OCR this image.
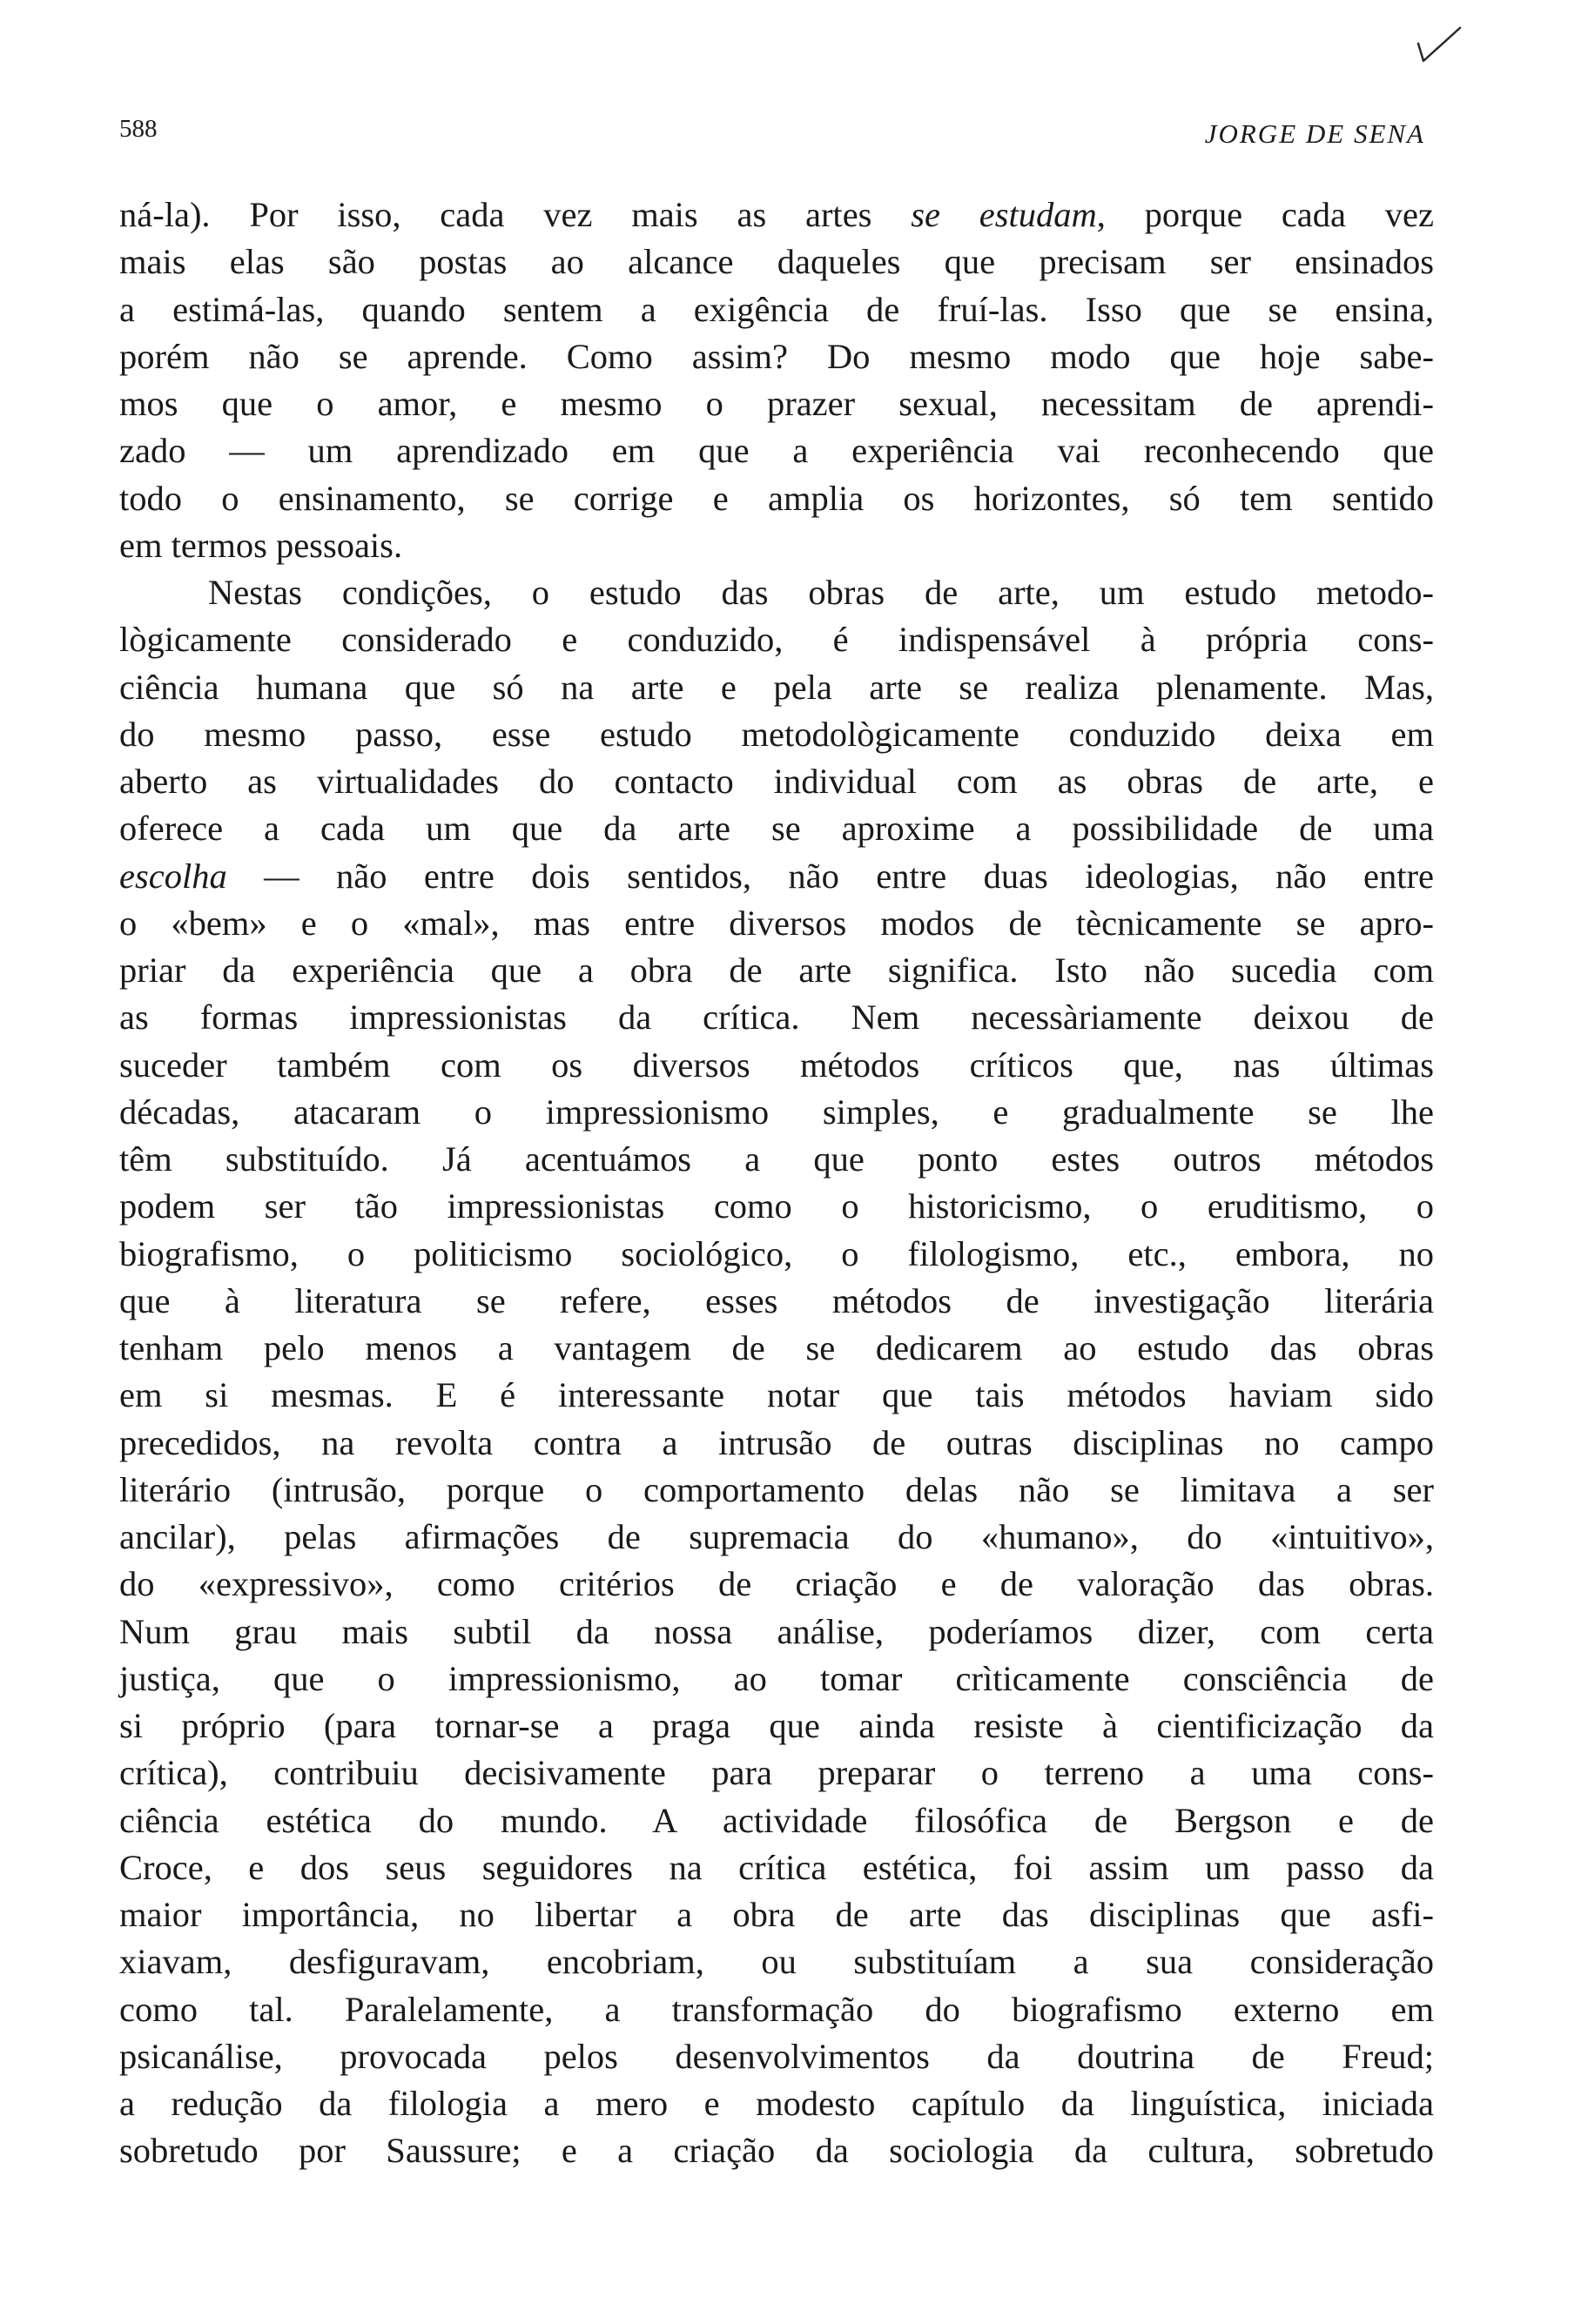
588	JORGE DE SENA
ná-la). Por isso, cada vez mais as artes se estudam, porque cada vez
mais elas são postas ao alcance daqueles que precisam ser ensinados
a estimá-las, quando sentem a exigência de fruí-las. Isso que se ensina,
porém não se aprende. Como assim? Do mesmo modo que hoje sabe-
mos que o amor, e mesmo o prazer sexual, necessitam de aprendi-
zado — um aprendizado em que a experiência vai reconhecendo que
todo o ensinamento, se corrige e amplia os horizontes, só tem sentido
em termos pessoais.
Nestas condições, o estudo das obras de arte, um estudo metodo-
lògicamente considerado e conduzido, é indispensável à própria cons-
ciência humana que só na arte e pela arte se realiza plenamente. Mas,
do mesmo passo, esse estudo metodològicamente conduzido deixa em
aberto as virtualidades do contacto individual com as obras de arte, e
oferece a cada um que da arte se aproxime a possibilidade de uma
escolha — não entre dois sentidos, não entre duas ideologias, não entre
o «bem» e o «mal», mas entre diversos modos de tècnicamente se apro-
priar da experiência que a obra de arte significa. Isto não sucedia com
as formas impressionistas da crítica. Nem necessàriamente deixou de
suceder também com os diversos métodos críticos que, nas últimas
décadas, atacaram o impressionismo simples, e gradualmente se lhe
têm substituído. Já acentuámos a que ponto estes outros métodos
podem ser tão impressionistas como o historicismo, o eruditismo, o
biografismo, o politicismo sociológico, o filologismo, etc., embora, no
que à literatura se refere, esses métodos de investigação literária
tenham pelo menos a vantagem de se dedicarem ao estudo das obras
em si mesmas. E é interessante notar que tais métodos haviam sido
precedidos, na revolta contra a intrusão de outras disciplinas no campo
literário (intrusão, porque o comportamento delas não se limitava a ser
ancilar), pelas afirmações de supremacia do «humano», do «intuitivo»,
do «expressivo», como critérios de criação e de valoração das obras.
Num grau mais subtil da nossa análise, poderíamos dizer, com certa
justiça, que o impressionismo, ao tomar crìticamente consciência de
si próprio (para tornar-se a praga que ainda resiste à cientificização da
crítica), contribuiu decisivamente para preparar o terreno a uma cons-
ciência estética do mundo. A actividade filosófica de Bergson e de
Croce, e dos seus seguidores na crítica estética, foi assim um passo da
maior importância, no libertar a obra de arte das disciplinas que asfi-
xiavam, desfiguravam, encobriam, ou substituíam a sua consideração
como tal. Paralelamente, a transformação do biografismo externo em
psicanálise, provocada pelos desenvolvimentos da doutrina de Freud;
a redução da filologia a mero e modesto capítulo da linguística, iniciada
sobretudo por Saussure; e a criação da sociologia da cultura, sobretudo
